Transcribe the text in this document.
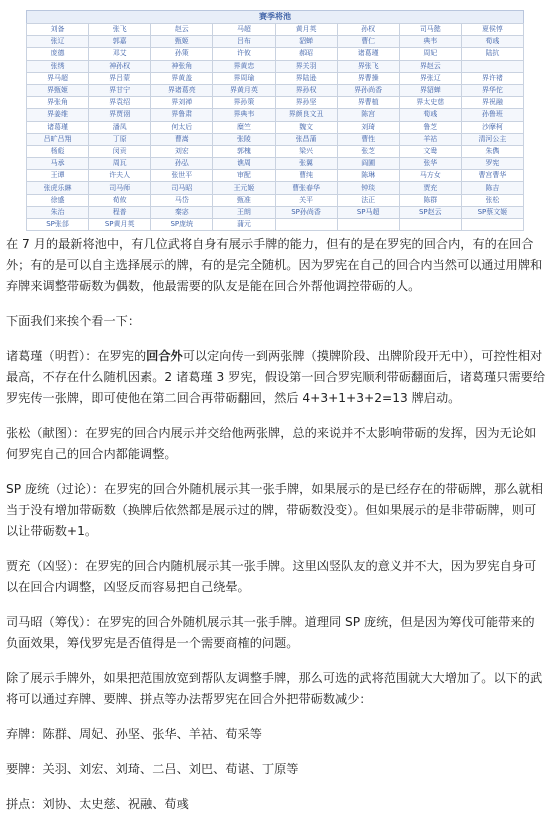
赛季将池
刘备	张飞	赵云	马超	黄月英	孙权	司马懿	夏侯惇
张辽	郭嘉	甄姬	吕布	貂蝉	曹仁	典韦	荀彧
庞德	邓艾	孙策	许攸	郝昭	诸葛瑾	周妃	陆抗
张绣	神孙权	神张角	界黄忠	界关羽	界张飞	界赵云	
界马超	界吕蒙	界黄盖	界周瑜	界陆逊	界曹操	界张辽	界许褚
界甄姬	界甘宁	界诸葛亮	界黄月英	界孙权	界孙尚香	界貂蝉	界华佗
界张角	界袁绍	界刘禅	界孙策	界孙坚	界曹植	界太史慈	界祝融
界姜维	界贾诩	界鲁肃	界典韦	界颜良文丑	陈宫	荀彧	孙鲁班
诸葛瑾	潘凤	何太后	糜竺	魏文	刘琦	鲁芝	沙摩柯
吕旷吕翔	丁原	曹嵩	张陵	张昌蒲	曹性	羊祜	清河公主
杨彪	闵贡	刘宏	郭槐	梁兴	张芝	文鸯	朱儁
马承	周瓦	孙弘	谯周	张翼	阎圃	张华	罗宪
王谭	许夫人	张世平	审配	曹纯	陈琳	马方女	曹宫曹华
张虎乐綝	司马师	司马昭	王元姬	曹张春华	钟琰	贾充	陈吉
徐盛	荀攸	马岱	甄准	关平	法正	陈群	张松
朱治	程普	秦宓	王朗	SP孙尚香	SP马超	SP赵云	SP蔡文姬
SP张郃	SP黄月英	SP庞统	蒲元				

在 7 月的最新将池中，有几位武将自身有展示手牌的能力，但有的是在罗宪的回合内，有的在回合外；有的是可以自主选择展示的牌，有的是完全随机。因为罗宪在自己的回合内当然可以通过用牌和弃牌来调整带砺数为偶数，他最需要的队友是能在回合外帮他调控带砺的人。

下面我们来挨个看一下：

诸葛瑾（明哲）：在罗宪的回合外可以定向传一到两张牌（摸牌阶段、出牌阶段开无中），可控性相对最高，不存在什么随机因素。2 诸葛瑾 3 罗宪，假设第一回合罗宪顺利带砺翻面后，诸葛瑾只需要给罗宪传一张牌，即可使他在第二回合再带砺翻回，然后 4+3+1+3+2=13 牌启动。

张松（献图）：在罗宪的回合内展示并交给他两张牌，总的来说并不太影响带砺的发挥，因为无论如何罗宪自己的回合内都能调整。

SP 庞统（过论）：在罗宪的回合外随机展示其一张手牌，如果展示的是已经存在的带砺牌，那么就相当于没有增加带砺数（换牌后依然都是展示过的牌，带砺数没变）。但如果展示的是非带砺牌，则可以让带砺数+1。

贾充（凶竖）：在罗宪的回合内随机展示其一张手牌。这里凶竖队友的意义并不大，因为罗宪自身可以在回合内调整，凶竖反而容易把自己绕晕。

司马昭（筹伐）：在罗宪的回合外随机展示其一张手牌。道理同 SP 庞统，但是因为筹伐可能带来的负面效果，筹伐罗宪是否值得是一个需要商榷的问题。

除了展示手牌外，如果把范围放宽到帮队友调整手牌，那么可选的武将范围就大大增加了。以下的武将可以通过弃牌、要牌、拼点等办法帮罗宪在回合外把带砺数减少：

弃牌：陈群、周妃、孙坚、张华、羊祜、荀采等

要牌：关羽、刘宏、刘琦、二吕、刘巴、荀谌、丁原等

拼点：刘协、太史慈、祝融、荀彧
